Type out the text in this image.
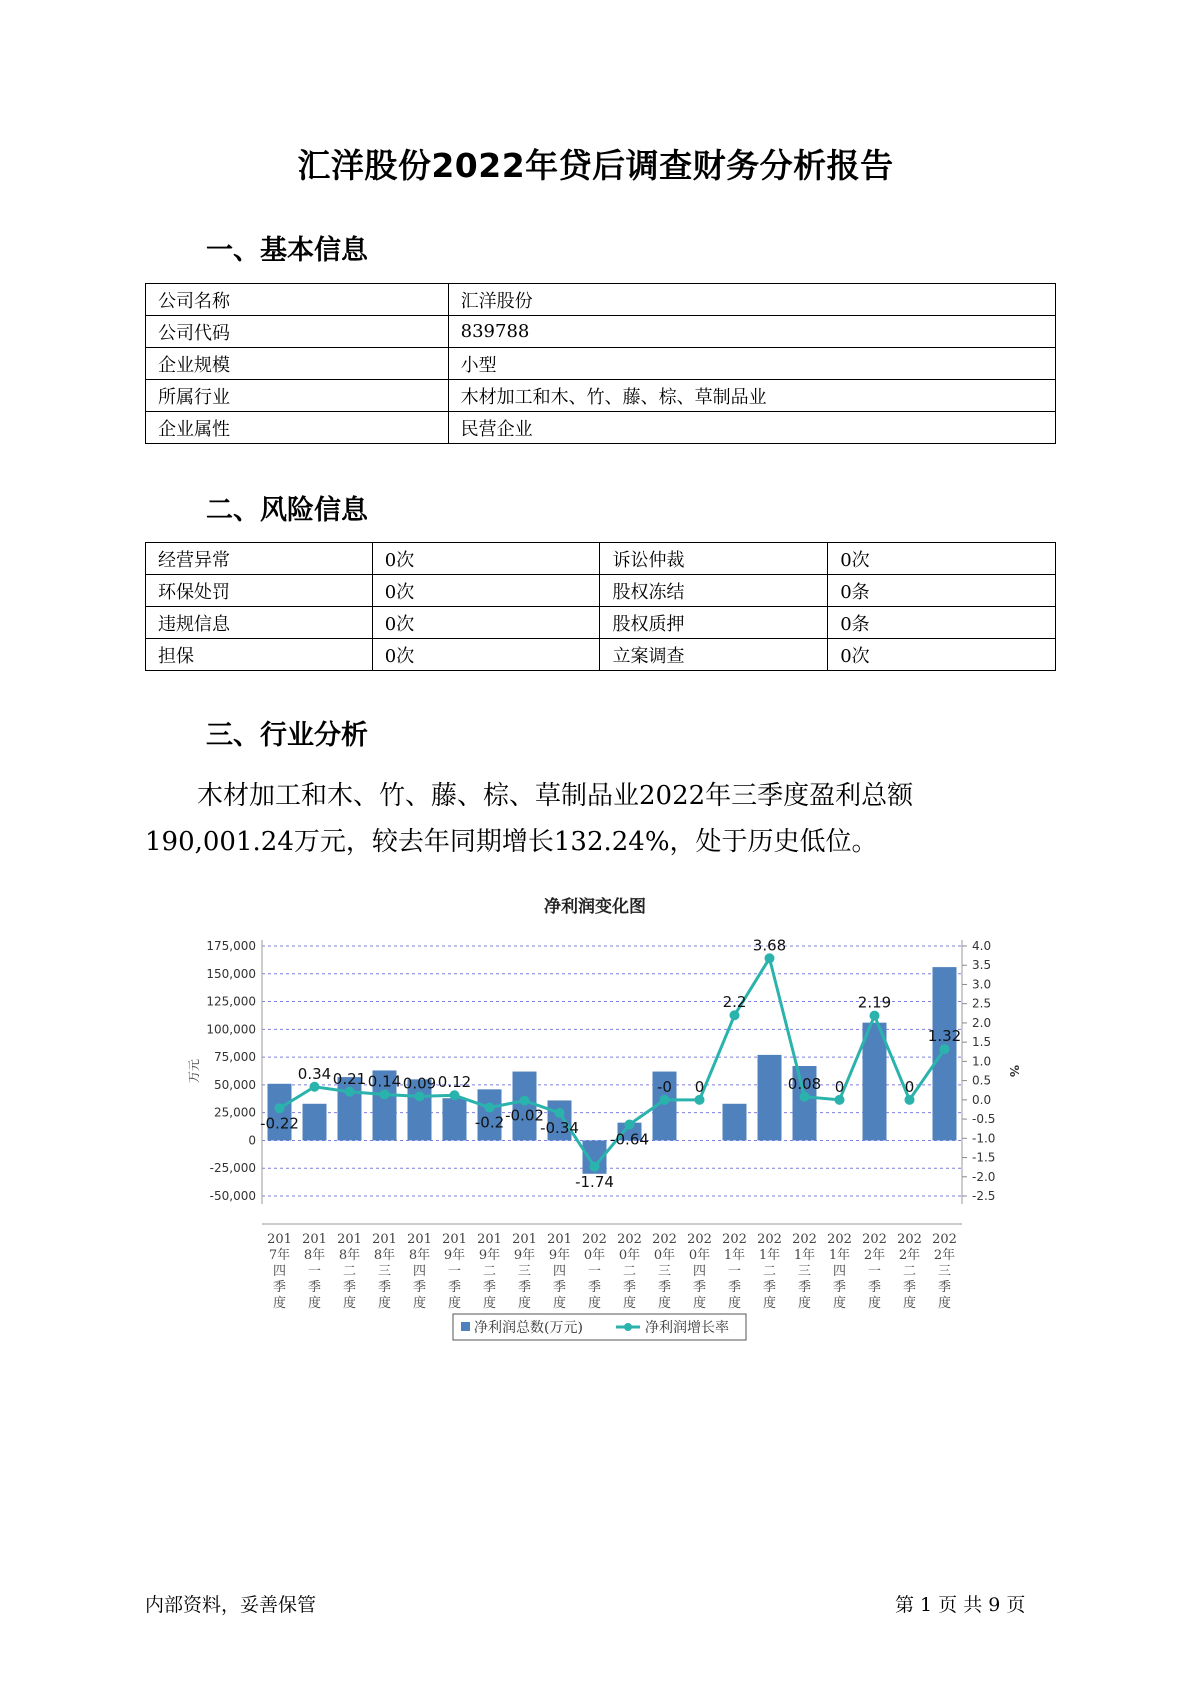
汇洋股份2022年贷后调查财务分析报告
一、基本信息
公司名称	汇洋股份
公司代码	839788
企业规模	小型
所属行业	木材加工和木、竹、藤、棕、草制品业
企业属性	民营企业
二、风险信息
经营异常	0次	诉讼仲裁	0次
环保处罚	0次	股权冻结	0条
违规信息	0次	股权质押	0条
担保	0次	立案调查	0次
三、行业分析
木材加工和木、竹、藤、棕、草制品业2022年三季度盈利总额
190,001.24万元，较去年同期增长132.24%，处于历史低位。
净利润变化图
175,000
150,000
125,000
100,000
75,000
50,000
25,000
0
-25,000
-50,000
4.0
3.5
3.0
2.5
2.0
1.5
1.0
0.5
0.0
-0.5
-1.0
-1.5
-2.0
-2.5
万元	%
-0.22
0.34 0.21 0.14 0.09 0.12
-0.2 -0.02
-0.34
-1.74
-0.64
-0 0
2.2
3.68
0.08 0
2.19
0
1.32
201 7年四季度
201 8年一季度
201 8年二季度
201 8年三季度
201 8年四季度
201 9年一季度
201 9年二季度
201 9年三季度
201 9年四季度
202 0年一季度
202 0年二季度
202 0年三季度
202 0年四季度
202 1年一季度
202 1年二季度
202 1年三季度
202 1年四季度
202 2年一季度
202 2年二季度
202 2年三季度
净利润总数(万元)	净利润增长率
内部资料，妥善保管	第 1 页 共 9 页
